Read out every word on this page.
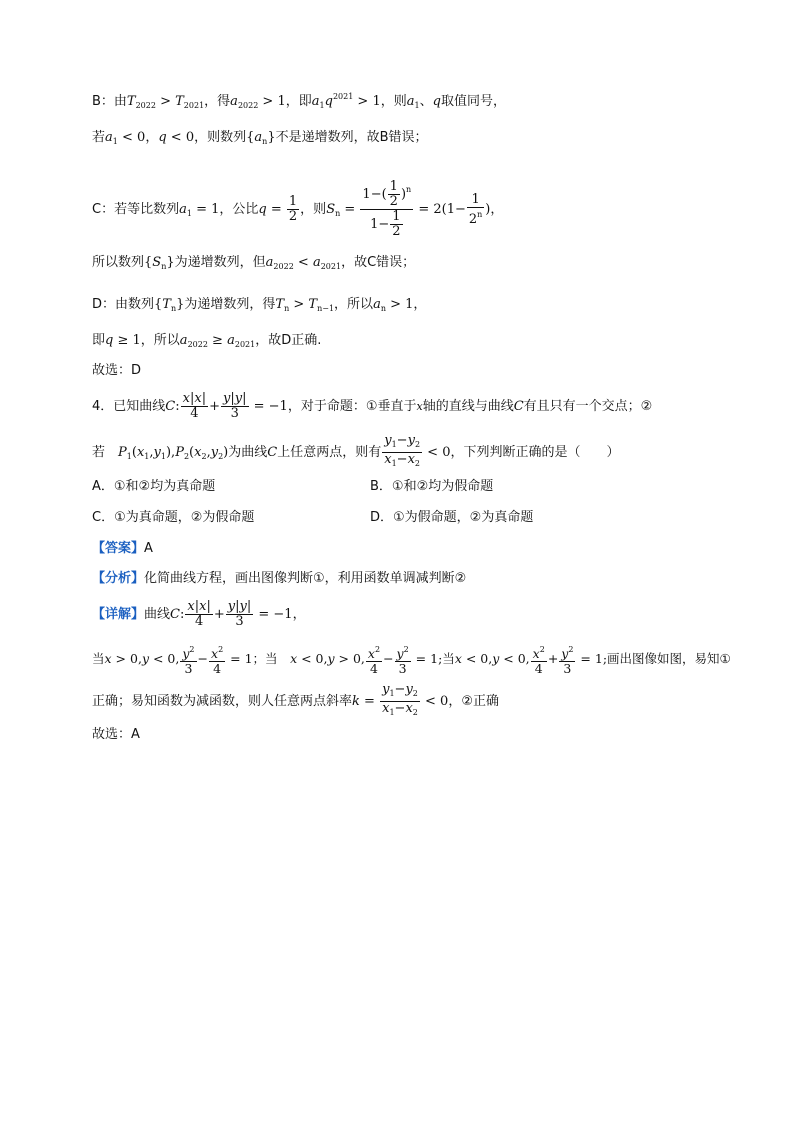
B：由$T_{2022} > T_{2021}$，得$a_{2022} > 1$，即$a_1q^{2021} > 1$，则$a_1$、q取值同号，
若$a_1 < 0$，q < 0，则数列$\{a_n\}$不是递增数列，故B错误；
C：若等比数列$a_1 = 1$，公比$q = \frac{1}{2}$ ，则$S_n = \frac{1-( \frac{1}{2} )^n}{1- \frac{1}{2}} = 2(1- \frac{1}{2^n}$ )，
所以数列$\{S_n\}$为递增数列，但$a_{2022} < a_{2021}$，故C错误；
D：由数列$\{T_n\}$为递增数列，得$T_n > T_{n-1}$，所以$a_n > 1$，
即q ≥ 1，所以$a_{2022} \ge a_{2021}$，故D正确.
故选：D
4．已知曲线C: $\frac{x|x|}{4} + \frac{y|y|}{3} = -1$，对于命题：①垂直于x轴的直线与曲线C有且只有一个交点；②
若　 $P_1(x_1,y_1),P_2(x_2,y_2)$为曲线C上任意两点，则有 $\frac{y_1-y_2}{x_1-x_2} < 0$，下列判断正确的是（　　）
A．①和②均为真命题	B．①和②均为假命题
C．①为真命题，②为假命题	D．①为假命题，②为真命题
【答案】A
【分析】化简曲线方程，画出图像判断①，利用函数单调减判断②
【详解】曲线C: $\frac{x|x|}{4} + \frac{y|y|}{3} = -1$，
当x > 0,y < 0, $\frac{y^2}{3} - \frac{x^2}{4} = 1$；当　 x < 0,y > 0, $\frac{x^2}{4} - \frac{y^2}{3} = 1$;当x < 0,y < 0, $\frac{x^2}{4} + \frac{y^2}{3} = 1$;画出图像如图，易知①
正确；易知函数为减函数，则人任意两点斜率$k = \frac{y_1-y_2}{x_1-x_2} < 0$，②正确
故选：A
